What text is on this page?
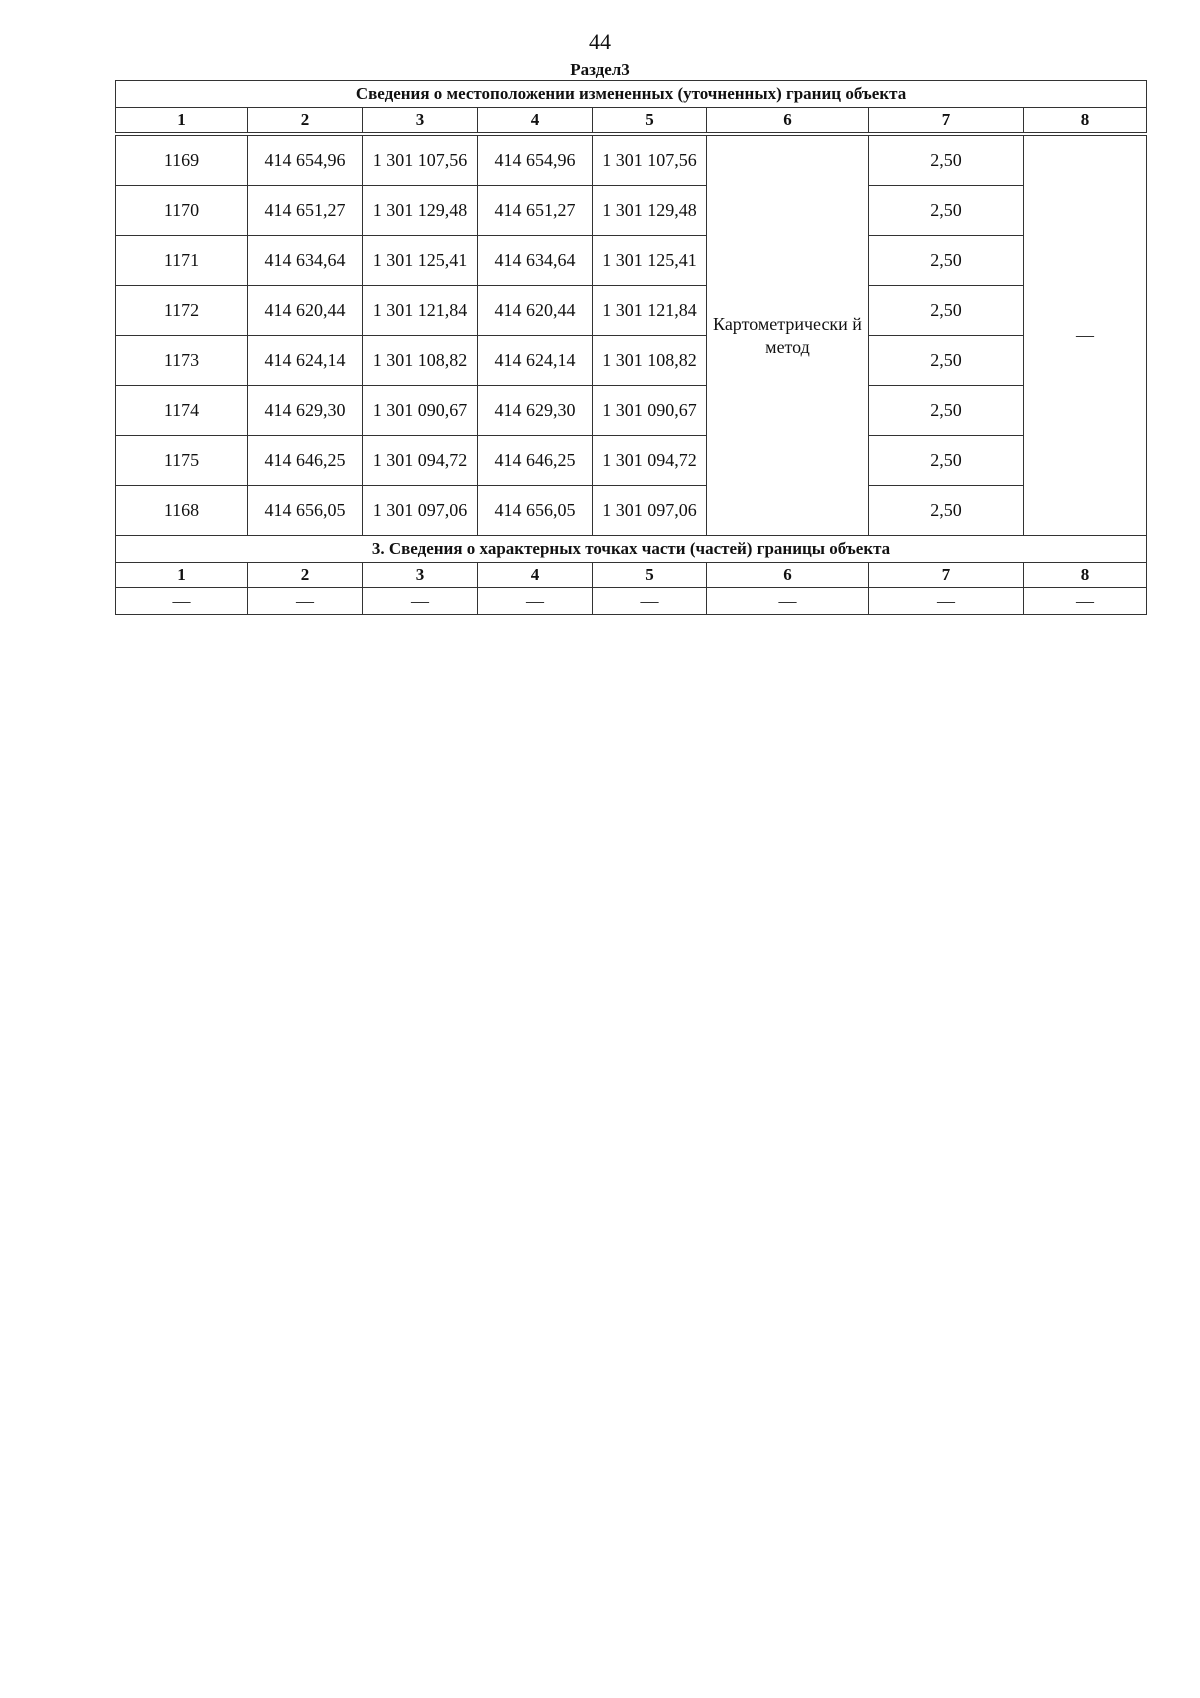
44
Раздел3
Сведения о местоположении измененных (уточненных) границ объекта							
1	2	3	4	5	6	7	8

1169	414 654,96	1 301 107,56	414 654,96	1 301 107,56	Картометрически й метод	2,50	—
1170	414 651,27	1 301 129,48	414 651,27	1 301 129,48		2,50	
1171	414 634,64	1 301 125,41	414 634,64	1 301 125,41		2,50	
1172	414 620,44	1 301 121,84	414 620,44	1 301 121,84		2,50	
1173	414 624,14	1 301 108,82	414 624,14	1 301 108,82		2,50	
1174	414 629,30	1 301 090,67	414 629,30	1 301 090,67		2,50	
1175	414 646,25	1 301 094,72	414 646,25	1 301 094,72		2,50	
1168	414 656,05	1 301 097,06	414 656,05	1 301 097,06		2,50	
3. Сведения о характерных точках части (частей) границы объекта							
1	2	3	4	5	6	7	8
—	—	—	—	—	—	—	—
